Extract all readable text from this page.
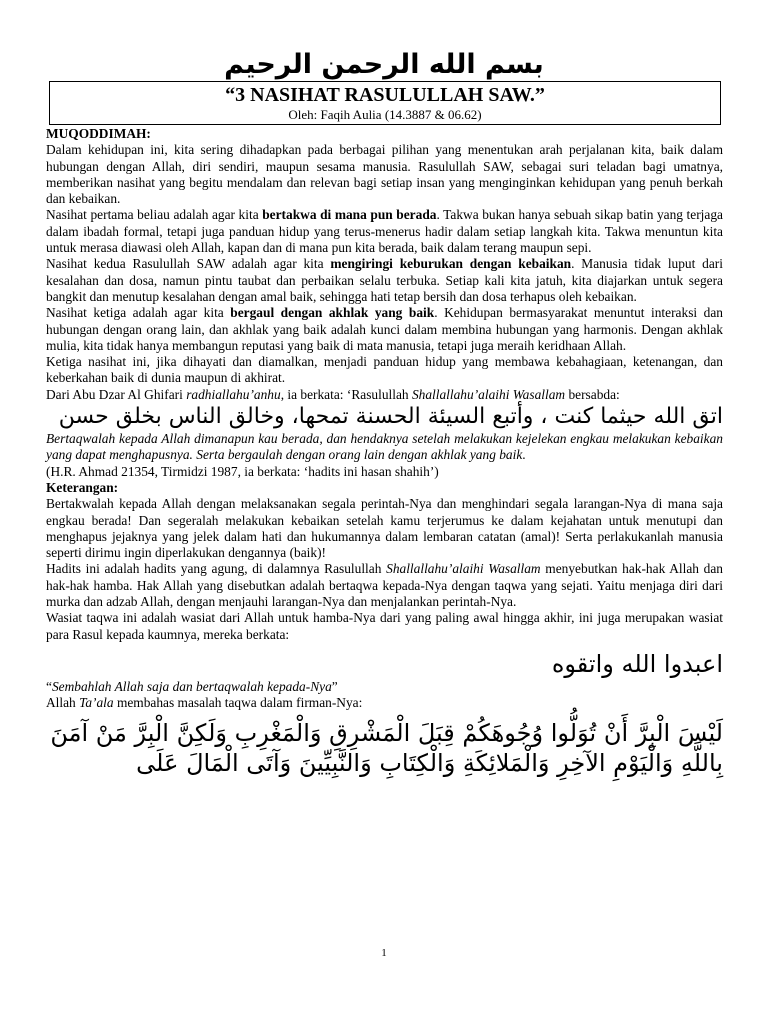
بسم الله الرحمن الرحيم
“3 NASIHAT RASULULLAH SAW.”
Oleh: Faqih Aulia (14.3887 & 06.62)

MUQODDIMAH:

Dalam kehidupan ini, kita sering dihadapkan pada berbagai pilihan yang menentukan arah perjalanan kita, baik dalam hubungan dengan Allah, diri sendiri, maupun sesama manusia. Rasulullah SAW, sebagai suri teladan bagi umatnya, memberikan nasihat yang begitu mendalam dan relevan bagi setiap insan yang menginginkan kehidupan yang penuh berkah dan kebaikan.

Nasihat pertama beliau adalah agar kita bertakwa di mana pun berada. Takwa bukan hanya sebuah sikap batin yang terjaga dalam ibadah formal, tetapi juga panduan hidup yang terus-menerus hadir dalam setiap langkah kita. Takwa menuntun kita untuk merasa diawasi oleh Allah, kapan dan di mana pun kita berada, baik dalam terang maupun sepi.

Nasihat kedua Rasulullah SAW adalah agar kita mengiringi keburukan dengan kebaikan. Manusia tidak luput dari kesalahan dan dosa, namun pintu taubat dan perbaikan selalu terbuka. Setiap kali kita jatuh, kita diajarkan untuk segera bangkit dan menutup kesalahan dengan amal baik, sehingga hati tetap bersih dan dosa terhapus oleh kebaikan.

Nasihat ketiga adalah agar kita bergaul dengan akhlak yang baik. Kehidupan bermasyarakat menuntut interaksi dan hubungan dengan orang lain, dan akhlak yang baik adalah kunci dalam membina hubungan yang harmonis. Dengan akhlak mulia, kita tidak hanya membangun reputasi yang baik di mata manusia, tetapi juga meraih keridhaan Allah.

Ketiga nasihat ini, jika dihayati dan diamalkan, menjadi panduan hidup yang membawa kebahagiaan, ketenangan, dan keberkahan baik di dunia maupun di akhirat.

Dari Abu Dzar Al Ghifari radhiallahu’anhu, ia berkata: ‘Rasulullah Shallallahu’alaihi Wasallam bersabda:

اتق الله حيثما كنت ، وأتبع السيئة الحسنة تمحها، وخالق الناس بخلق حسن

Bertaqwalah kepada Allah dimanapun kau berada, dan hendaknya setelah melakukan kejelekan engkau melakukan kebaikan yang dapat menghapusnya. Serta bergaulah dengan orang lain dengan akhlak yang baik.

(H.R. Ahmad 21354, Tirmidzi 1987, ia berkata: ‘hadits ini hasan shahih’)

Keterangan:

Bertakwalah kepada Allah dengan melaksanakan segala perintah-Nya dan menghindari segala larangan-Nya di mana saja engkau berada! Dan segeralah melakukan kebaikan setelah kamu terjerumus ke dalam kejahatan untuk menutupi dan menghapus jejaknya yang jelek dalam hati dan hukumannya dalam lembaran catatan (amal)! Serta perlakukanlah manusia seperti dirimu ingin diperlakukan dengannya (baik)!

Hadits ini adalah hadits yang agung, di dalamnya Rasulullah Shallallahu’alaihi Wasallam menyebutkan hak-hak Allah dan hak-hak hamba. Hak Allah yang disebutkan adalah bertaqwa kepada-Nya dengan taqwa yang sejati. Yaitu menjaga diri dari murka dan adzab Allah, dengan menjauhi larangan-Nya dan menjalankan perintah-Nya.

Wasiat taqwa ini adalah wasiat dari Allah untuk hamba-Nya dari yang paling awal hingga akhir, ini juga merupakan wasiat para Rasul kepada kaumnya, mereka berkata:

اعبدوا الله واتقوه

“Sembahlah Allah saja dan bertaqwalah kepada-Nya”

Allah Ta’ala membahas masalah taqwa dalam firman-Nya:

لَيْسَ الْبِرَّ أَنْ تُوَلُّوا وُجُوهَكُمْ قِبَلَ الْمَشْرِقِ وَالْمَغْرِبِ وَلَكِنَّ الْبِرَّ مَنْ آمَنَ بِاللَّهِ وَالْيَوْمِ الآخِرِ وَالْمَلائِكَةِ وَالْكِتَابِ وَالنَّبِيِّينَ وَآتَى الْمَالَ عَلَى

1
